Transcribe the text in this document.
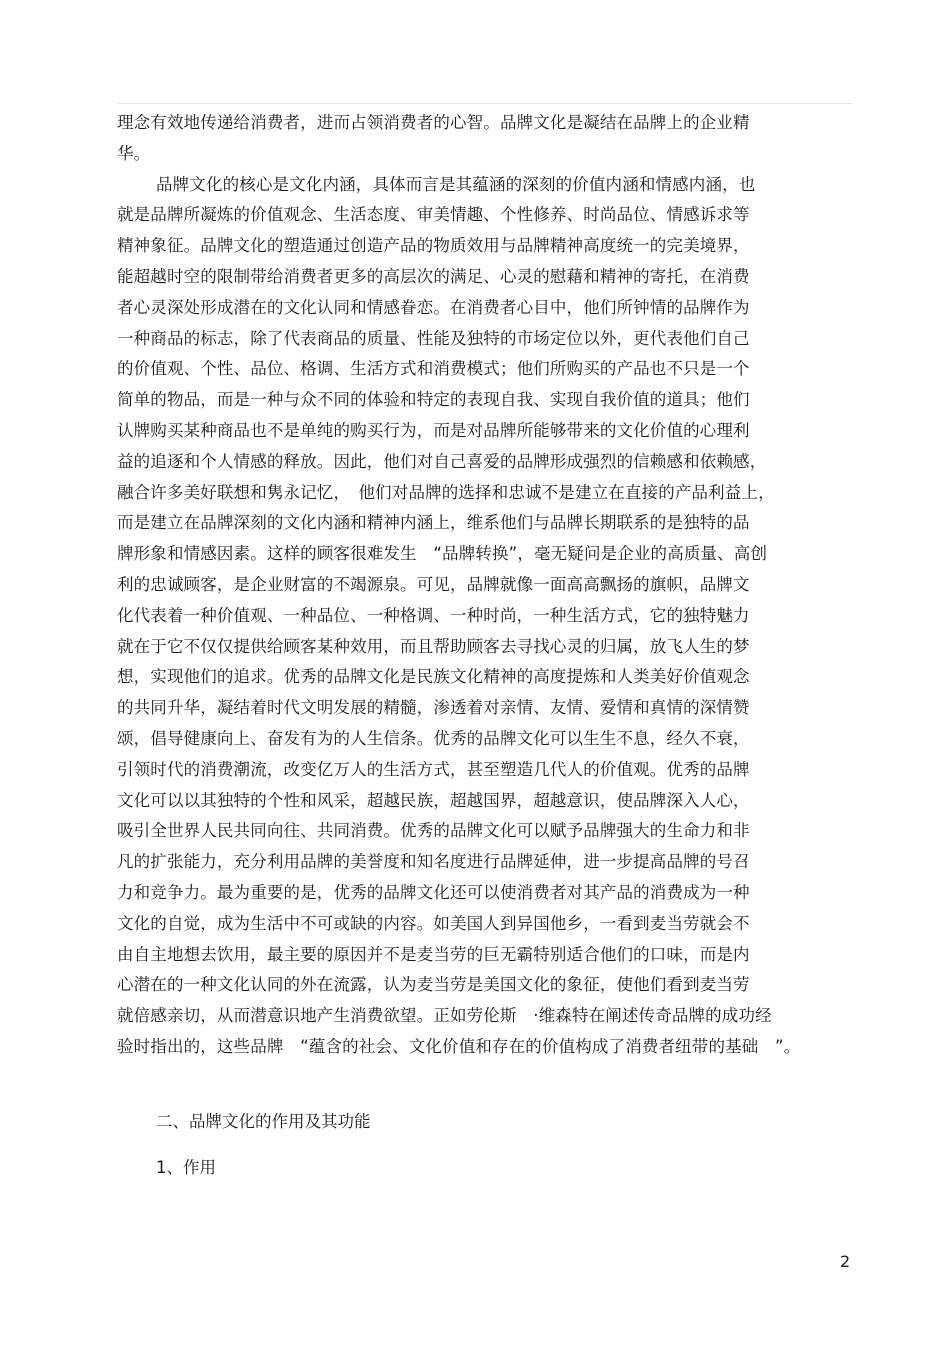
理念有效地传递给消费者，进而占领消费者的心智。品牌文化是凝结在品牌上的企业精
华。
品牌文化的核心是文化内涵，具体而言是其蕴涵的深刻的价值内涵和情感内涵，也
就是品牌所凝炼的价值观念、生活态度、审美情趣、个性修养、时尚品位、情感诉求等
精神象征。品牌文化的塑造通过创造产品的物质效用与品牌精神高度统一的完美境界，
能超越时空的限制带给消费者更多的高层次的满足、心灵的慰藉和精神的寄托，在消费
者心灵深处形成潜在的文化认同和情感眷恋。在消费者心目中，他们所钟情的品牌作为
一种商品的标志，除了代表商品的质量、性能及独特的市场定位以外，更代表他们自己
的价值观、个性、品位、格调、生活方式和消费模式；他们所购买的产品也不只是一个
简单的物品，而是一种与众不同的体验和特定的表现自我、实现自我价值的道具；他们
认牌购买某种商品也不是单纯的购买行为，而是对品牌所能够带来的文化价值的心理利
益的追逐和个人情感的释放。因此，他们对自己喜爱的品牌形成强烈的信赖感和依赖感，
融合许多美好联想和隽永记忆，　他们对品牌的选择和忠诚不是建立在直接的产品利益上，
而是建立在品牌深刻的文化内涵和精神内涵上，维系他们与品牌长期联系的是独特的品
牌形象和情感因素。这样的顾客很难发生　“品牌转换”，毫无疑问是企业的高质量、高创
利的忠诚顾客，是企业财富的不竭源泉。可见，品牌就像一面高高飘扬的旗帜，品牌文
化代表着一种价值观、一种品位、一种格调、一种时尚，一种生活方式，它的独特魅力
就在于它不仅仅提供给顾客某种效用，而且帮助顾客去寻找心灵的归属，放飞人生的梦
想，实现他们的追求。优秀的品牌文化是民族文化精神的高度提炼和人类美好价值观念
的共同升华，凝结着时代文明发展的精髓，渗透着对亲情、友情、爱情和真情的深情赞
颂，倡导健康向上、奋发有为的人生信条。优秀的品牌文化可以生生不息，经久不衰，
引领时代的消费潮流，改变亿万人的生活方式，甚至塑造几代人的价值观。优秀的品牌
文化可以以其独特的个性和风采，超越民族，超越国界，超越意识，使品牌深入人心，
吸引全世界人民共同向往、共同消费。优秀的品牌文化可以赋予品牌强大的生命力和非
凡的扩张能力，充分利用品牌的美誉度和知名度进行品牌延伸，进一步提高品牌的号召
力和竞争力。最为重要的是，优秀的品牌文化还可以使消费者对其产品的消费成为一种
文化的自觉，成为生活中不可或缺的内容。如美国人到异国他乡，一看到麦当劳就会不
由自主地想去饮用，最主要的原因并不是麦当劳的巨无霸特别适合他们的口味，而是内
心潜在的一种文化认同的外在流露，认为麦当劳是美国文化的象征，使他们看到麦当劳
就倍感亲切，从而潜意识地产生消费欲望。正如劳伦斯　·维森特在阐述传奇品牌的成功经
验时指出的，这些品牌　“蕴含的社会、文化价值和存在的价值构成了消费者纽带的基础　”。
二、品牌文化的作用及其功能
1、作用
2
